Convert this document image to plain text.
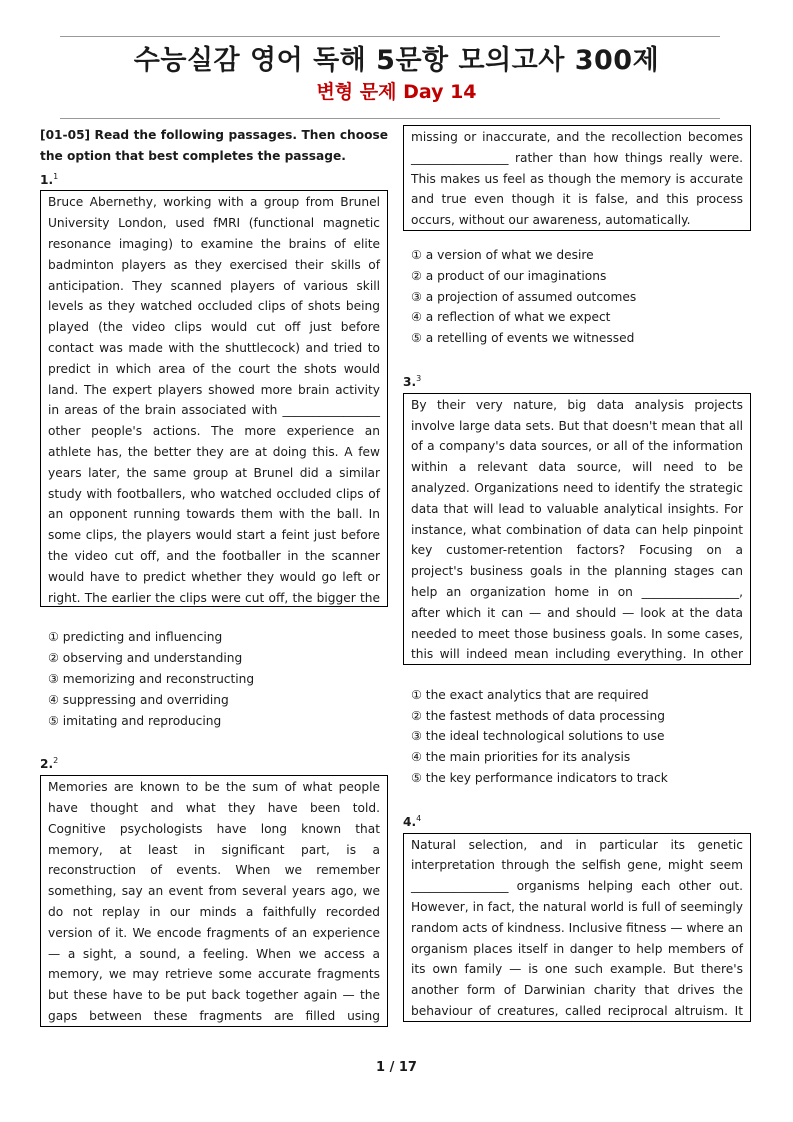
수능실감 영어 독해 5문항 모의고사 300제
변형 문제 Day 14

[01-05] Read the following passages. Then choose the option that best completes the passage.

1.$^1$
Bruce Abernethy, working with a group from Brunel University London, used fMRI (functional magnetic resonance imaging) to examine the brains of elite badminton players as they exercised their skills of anticipation. They scanned players of various skill levels as they watched occluded clips of shots being played (the video clips would cut off just before contact was made with the shuttlecock) and tried to predict in which area of the court the shots would land. The expert players showed more brain activity in areas of the brain associated with ________________ other people's actions. The more experience an athlete has, the better they are at doing this. A few years later, the same group at Brunel did a similar study with footballers, who watched occluded clips of an opponent running towards them with the ball. In some clips, the players would start a feint just before the video cut off, and the footballer in the scanner would have to predict whether they would go left or right. The earlier the clips were cut off, the bigger the
① predicting and influencing
② observing and understanding
③ memorizing and reconstructing
④ suppressing and overriding
⑤ imitating and reproducing
2.$^2$
Memories are known to be the sum of what people have thought and what they have been told. Cognitive psychologists have long known that memory, at least in significant part, is a reconstruction of events. When we remember something, say an event from several years ago, we do not replay in our minds a faithfully recorded version of it. We encode fragments of an experience — a sight, a sound, a feeling. When we access a memory, we may retrieve some accurate fragments but these have to be put back together again — the gaps between these fragments are filled using
missing or inaccurate, and the recollection becomes ________________ rather than how things really were. This makes us feel as though the memory is accurate and true even though it is false, and this process occurs, without our awareness, automatically.
① a version of what we desire
② a product of our imaginations
③ a projection of assumed outcomes
④ a reflection of what we expect
⑤ a retelling of events we witnessed
3.$^3$
By their very nature, big data analysis projects involve large data sets. But that doesn't mean that all of a company's data sources, or all of the information within a relevant data source, will need to be analyzed. Organizations need to identify the strategic data that will lead to valuable analytical insights. For instance, what combination of data can help pinpoint key customer-retention factors? Focusing on a project's business goals in the planning stages can help an organization home in on ________________, after which it can — and should — look at the data needed to meet those business goals. In some cases, this will indeed mean including everything. In other
① the exact analytics that are required
② the fastest methods of data processing
③ the ideal technological solutions to use
④ the main priorities for its analysis
⑤ the key performance indicators to track
4.$^4$
Natural selection, and in particular its genetic interpretation through the selfish gene, might seem ________________ organisms helping each other out. However, in fact, the natural world is full of seemingly random acts of kindness. Inclusive fitness — where an organism places itself in danger to help members of its own family — is one such example. But there's another form of Darwinian charity that drives the behaviour of creatures, called reciprocal altruism. It
1 / 17
